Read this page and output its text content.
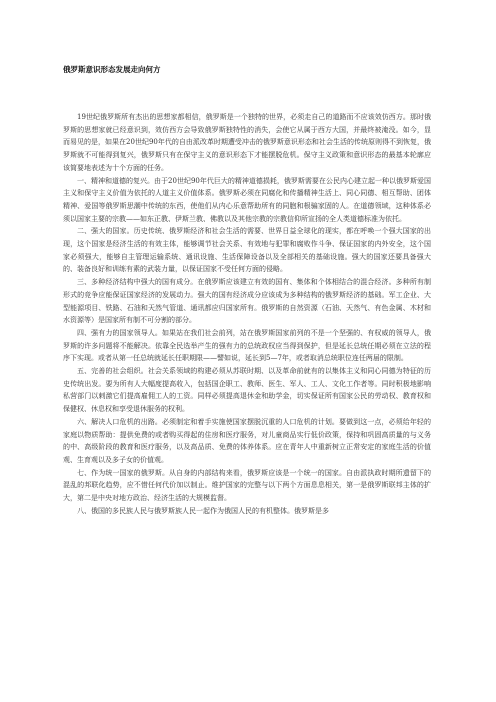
俄罗斯意识形态发展走向何方

19世纪俄罗斯所有杰出的思想家都相信，俄罗斯是一个独特的世界，必须走自己的道路而不应该效仿西方。那时俄罗斯的思想家就已经意识到，效仿西方会导致俄罗斯独特性的消失，会使它从属于西方大国，并最终被淹没。如今，显而易见的是，如果在20世纪90年代的自由派改革时期遭受冲击的俄罗斯意识形态和社会生活的传统原则得不到恢复，俄罗斯就不可能得到复兴，俄罗斯只有在保守主义的意识形态下才能摆脱危机。保守主义政策和意识形态的最基本轮廓应该简要地表述为十个方面的任务。

一、精神和道德的复兴。由于20世纪90年代巨大的精神道德损耗，俄罗斯需要在公民内心建立起一种以俄罗斯爱国主义和保守主义价值为依托的人道主义价值体系。俄罗斯必须在同腐化和传播精神生活上、同心同德、相互帮助、团体精神、爱国等俄罗斯思潮中传统的东西，使他们从内心乐意帮助所有的同胞和根骗家固的人。在道德领域，这种体系必须以国家主要的宗教——如东正教、伊斯兰教、佛教以及其他宗教的宗教信仰所宣扬的全人类道德标准为依托。

二、强大的国家。历史传统、俄罗斯经济和社会生活的需要、世界日益全球化的现实，都在呼唤一个强大国家的出现，这个国家是经济生活的有效主体，能够调节社会关系、有效地与犯罪和腐败作斗争、保证国家的内外安全，这个国家必须强大，能够自主管理运输系统、通讯设施、生活保障设备以及全部相关的基础设施。强大的国家还要具备强大的、装备良好和训练有素的武装力量，以保证国家不受任何方面的侵略。

三、多种经济结构中强大的国有成分。在俄罗斯应该建立有效的国有、集体和个体相结合的混合经济。多种所有制形式的竞争应能保证国家经济的发展动力。强大的国有经济成分应该成为多种结构的俄罗斯经济的基础。军工企业、大型能源项目、铁路、石油和天然气管道、通讯都应归国家所有。俄罗斯的自然资源（石油、天然气、有色金属、木材和水资源等）是国家所有制不可分割的部分。

四、强有力的国家领导人。如果站在我们社会前列，站在俄罗斯国家前列的不是一个坚强的、有权威的领导人，俄罗斯的许多问题将不能解决。依靠全民选举产生的强有力的总统政权应当得到保护，但是延长总统任期必须在立法的程序下实现。或者从第一任总统就延长任职期限——譬如说，延长到5—7年，或者取消总统职位连任两届的限制。

五、完善的社会组织。社会关系领域的构建必须从苏联时期、以及革命前就有的以集体主义和同心同德为特征的历史传统出发。要为所有人大幅度提高收入，包括国企职工、教师、医生、军人、工人、文化工作者等。同时积极地影响私营部门以刺激它们提高雇佣工人的工资。同样必须提高退休金和助学金，切实保证所有国家公民的劳动权、教育权和保健权、休息权和享受退休服务的权利。

六、解决人口危机的出路。必须制定和着手实施使国家摆脱沉重的人口危机的计划。要做到这一点，必须给年轻的家庭以物质帮助：提供免费的或者购买得起的住房和医疗服务，对儿童商品实行低价政策，保持和巩固高质量的与义务的中、高级阶段的教育和医疗服务，以及高品质、免费的体养体系。应在青年人中重新树立正常安定的家庭生活的价值观、生育观以及多子女的价值观。

七、作为统一国家的俄罗斯。从自身的内部结构来看，俄罗斯应该是一个统一的国家。自由派执政时期所遗留下的混乱的邦联化趋势，应不惜任何代价加以制止。维护国家的完整与以下两个方面息息相关，第一是俄罗斯联邦主体的扩大，第二是中央对地方政治、经济生活的大规模监督。

八、俄国的多民族人民与俄罗斯族人民一起作为俄国人民的有机整体。俄罗斯是多
